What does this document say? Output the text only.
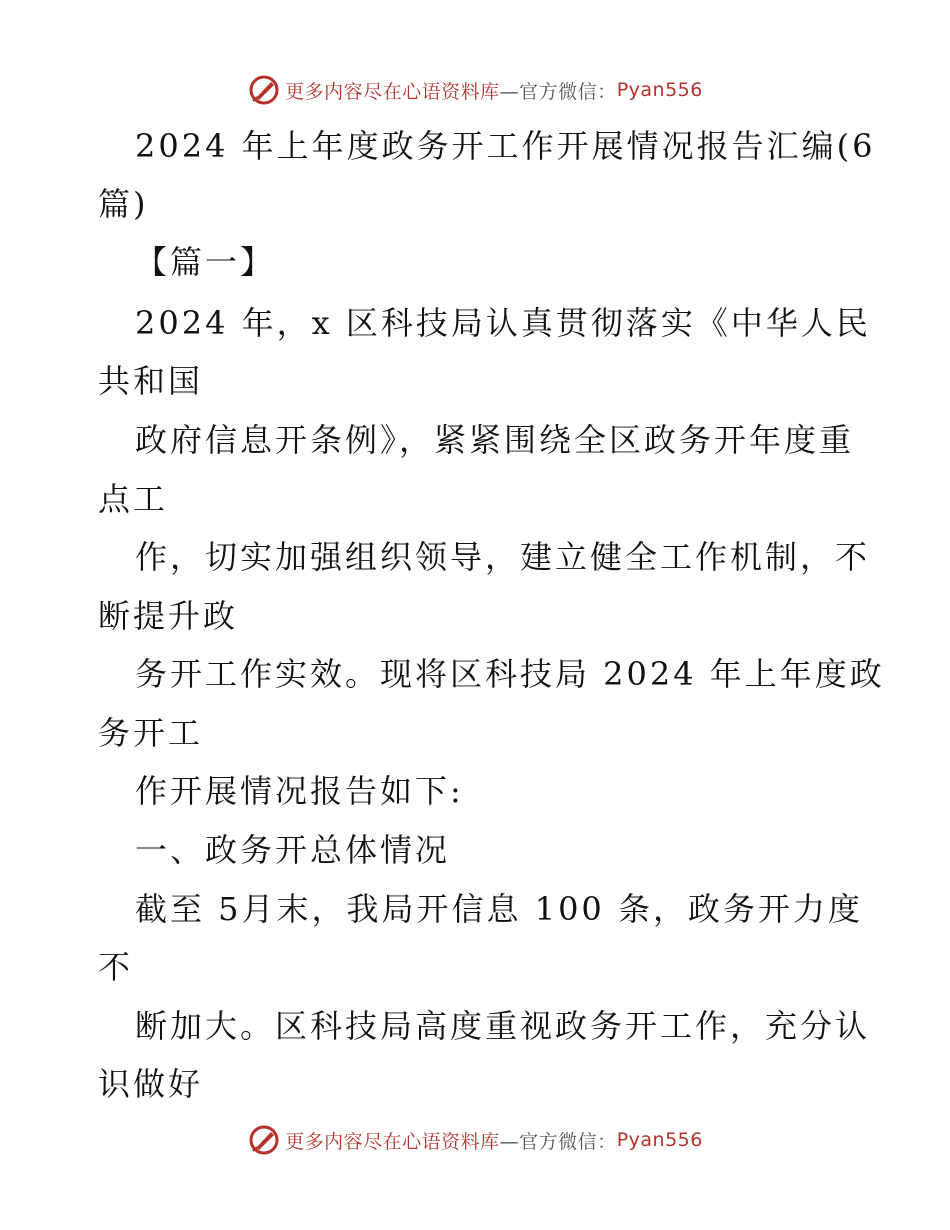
更多内容尽在心语资料库 —官方微信： Pyan556
2024 年上年度政务开工作开展情况报告汇编(6
篇)
【篇一】
2024 年，x 区科技局认真贯彻落实《中华人民
共和国
政府信息开条例》，紧紧围绕全区政务开年度重
点工
作，切实加强组织领导，建立健全工作机制，不
断提升政
务开工作实效。现将区科技局 2024 年上年度政
务开工
作开展情况报告如下:
一、政务开总体情况
截至 5月末，我局开信息 100 条，政务开力度
不
断加大。区科技局高度重视政务开工作，充分认
识做好
更多内容尽在心语资料库 —官方微信： Pyan556
